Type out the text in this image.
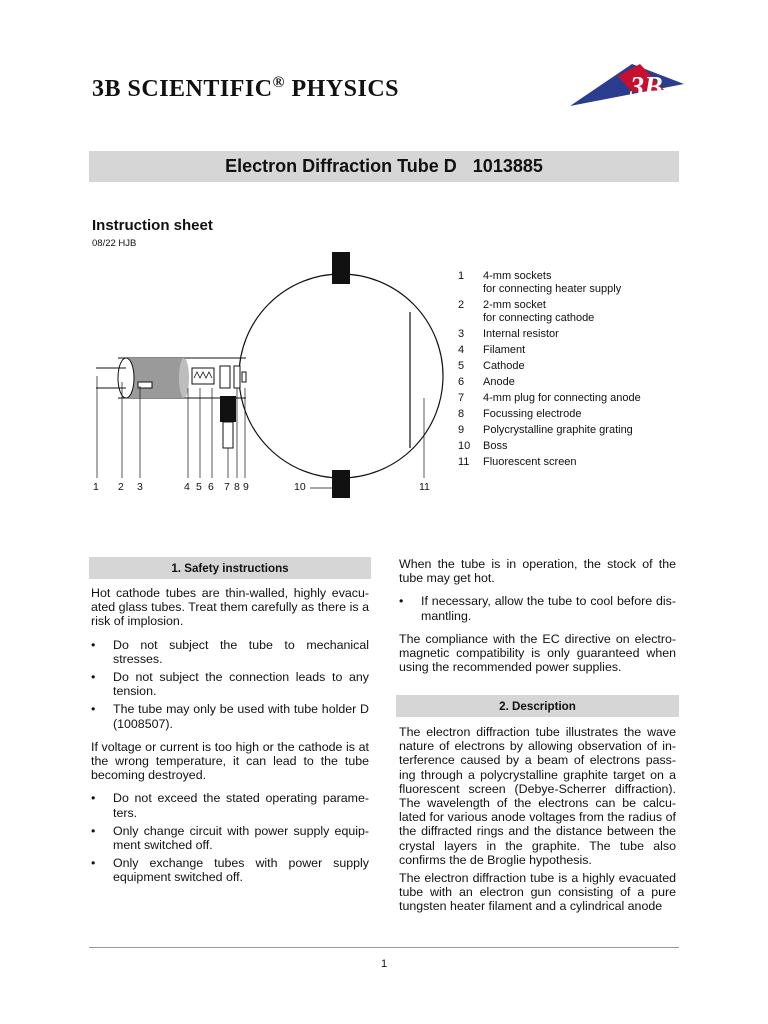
3B SCIENTIFIC® PHYSICS	3B
Electron Diffraction Tube D 1013885
Instruction sheet
08/22 HJB
1 2 3	4 5 6 7 8 9	10	11
1	4-mm sockets
for connecting heater supply
2	2-mm socket
for connecting cathode
3	Internal resistor
4	Filament
5	Cathode
6	Anode
7	4-mm plug for connecting anode
8	Focussing electrode
9	Polycrystalline graphite grating
10	Boss
11	Fluorescent screen
1. Safety instructions

Hot cathode tubes are thin-walled, highly evacu-ated glass tubes. Treat them carefully as there is a risk of implosion.

• Do not subject the tube to mechanical stresses.
• Do not subject the connection leads to any tension.
• The tube may only be used with tube holder D (1008507).

If voltage or current is too high or the cathode is at the wrong temperature, it can lead to the tube becoming destroyed.

• Do not exceed the stated operating parame-ters.
• Only change circuit with power supply equip-ment switched off.
• Only exchange tubes with power supply equipment switched off.

When the tube is in operation, the stock of the tube may get hot.

• If necessary, allow the tube to cool before dis-mantling.

The compliance with the EC directive on electro-magnetic compatibility is only guaranteed when using the recommended power supplies.

2. Description

The electron diffraction tube illustrates the wave nature of electrons by allowing observation of in-terference caused by a beam of electrons pass-ing through a polycrystalline graphite target on a fluorescent screen (Debye-Scherrer diffraction). The wavelength of the electrons can be calcu-lated for various anode voltages from the radius of the diffracted rings and the distance between the crystal layers in the graphite. The tube also confirms the de Broglie hypothesis.

The electron diffraction tube is a highly evacuated tube with an electron gun consisting of a pure tungsten heater filament and a cylindrical anode

1
